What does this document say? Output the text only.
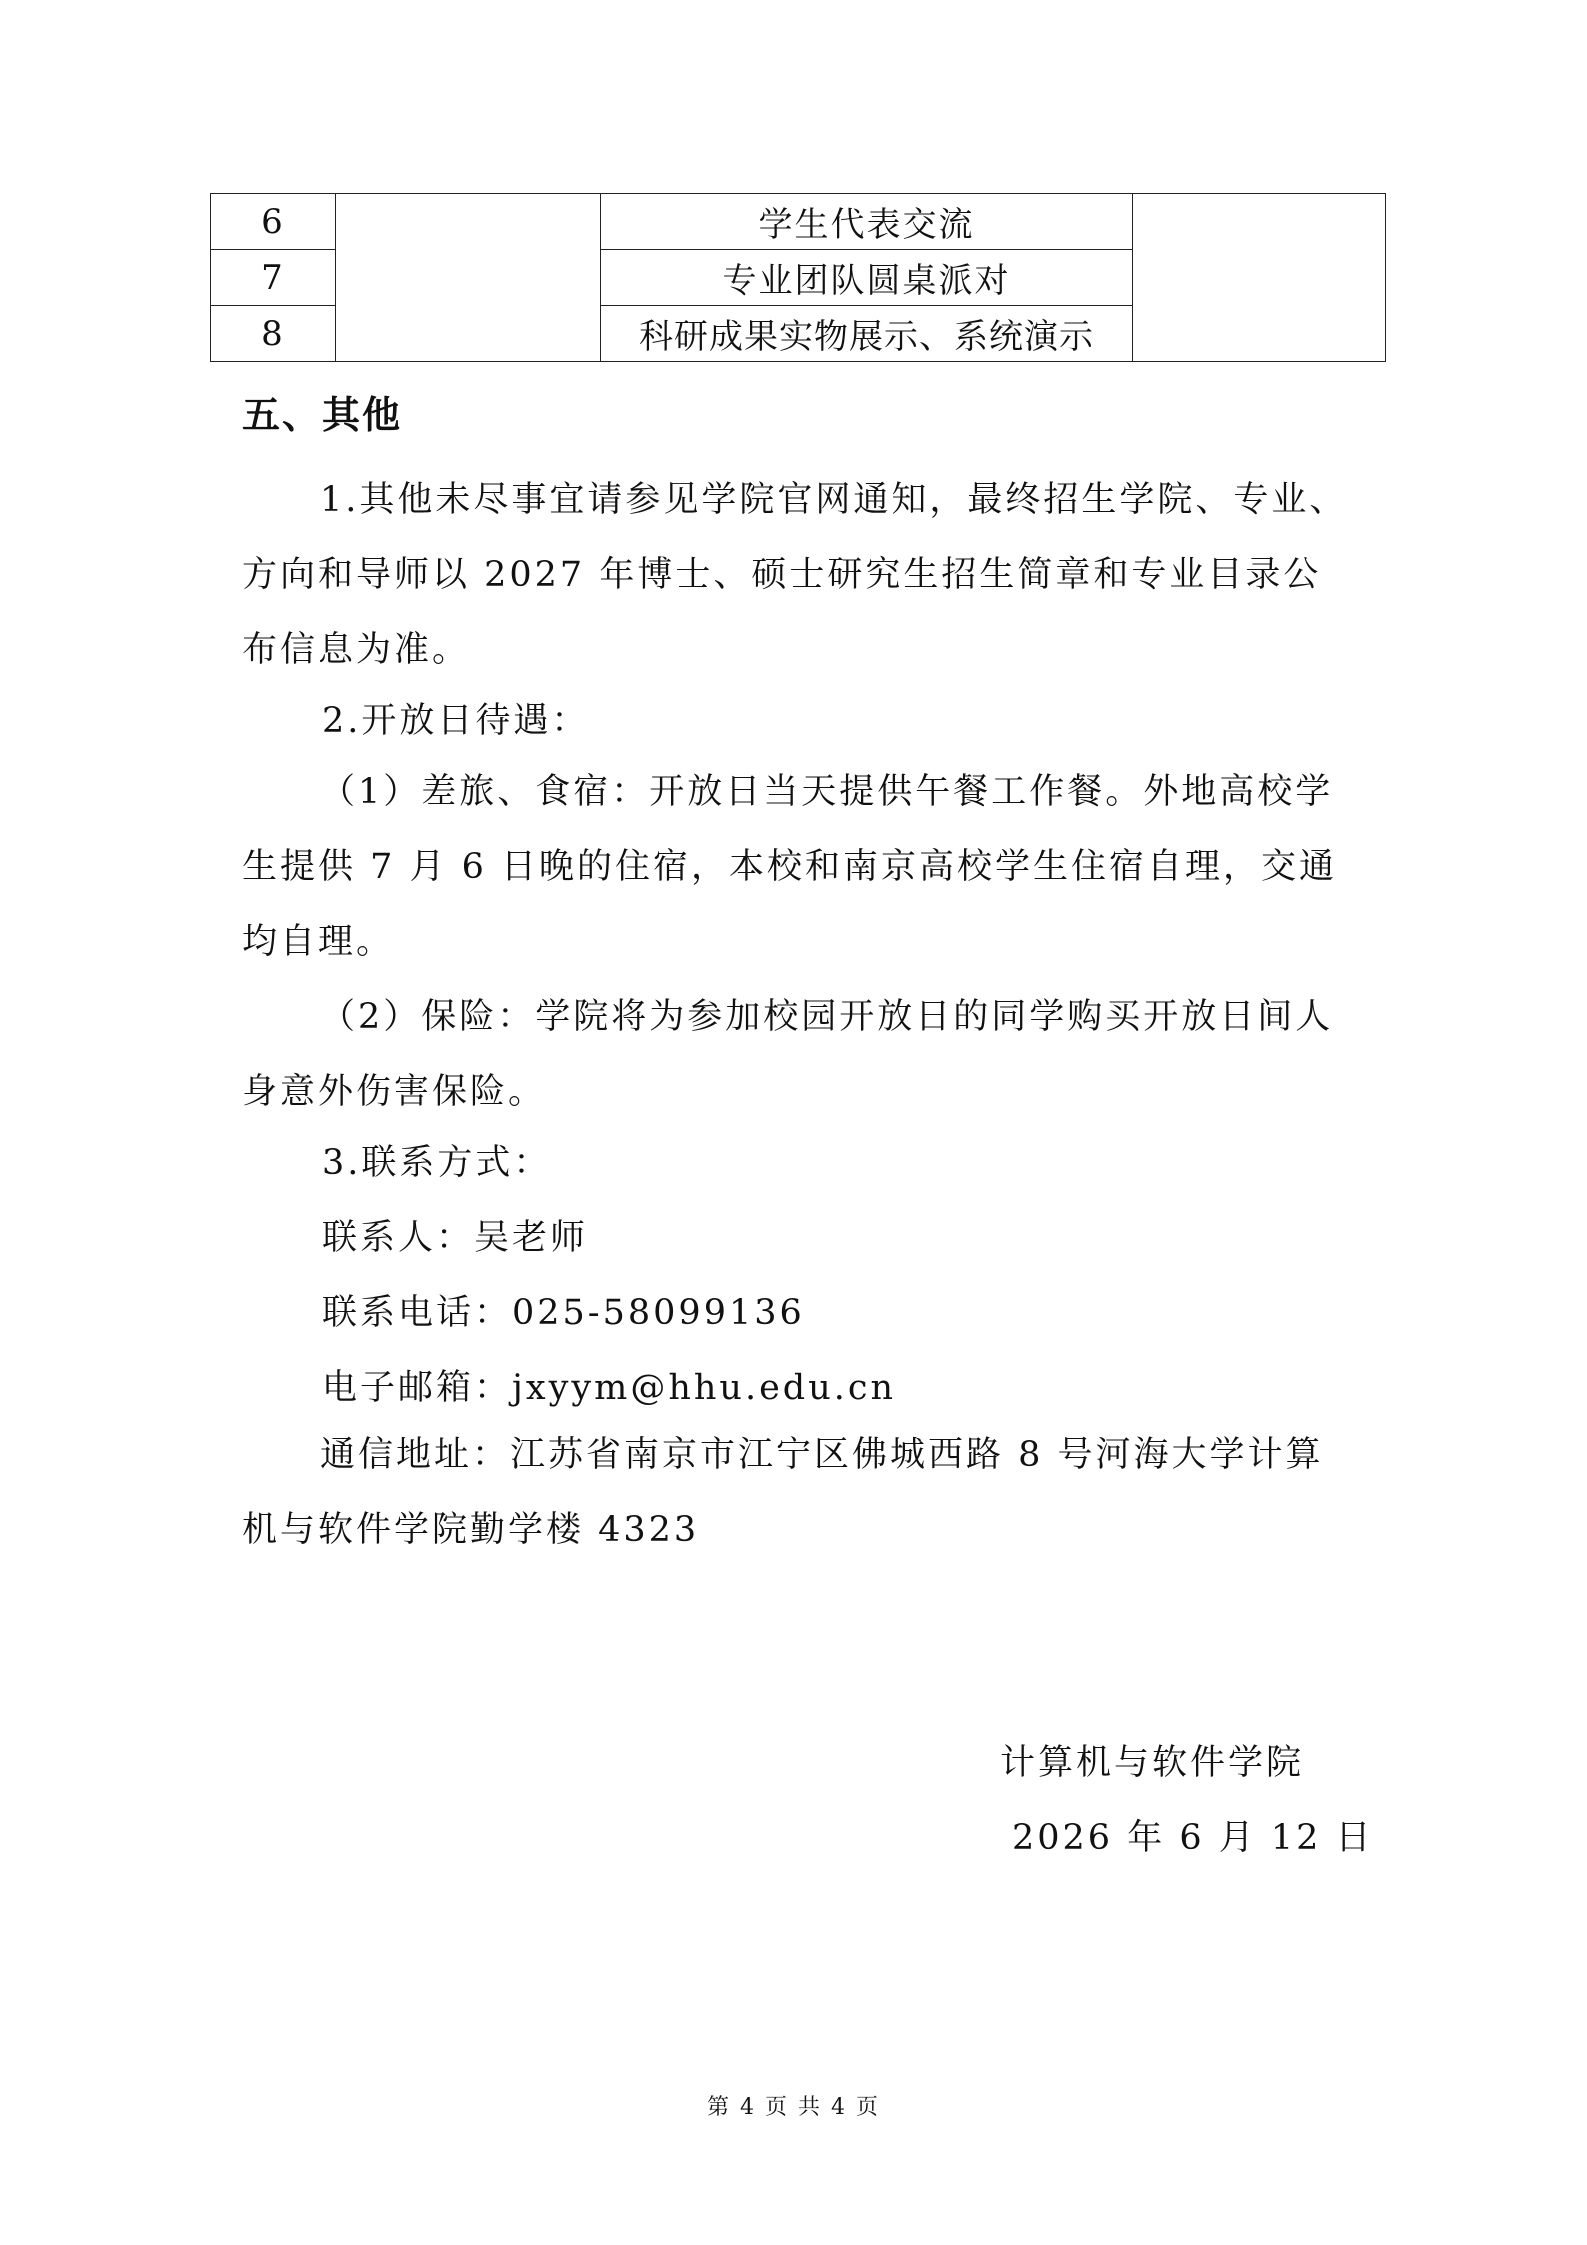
6		学生代表交流	
7		专业团队圆桌派对	
8		科研成果实物展示、系统演示	
五、其他

1.其他未尽事宜请参见学院官网通知，最终招生学院、专业、方向和导师以 2027 年博士、硕士研究生招生简章和专业目录公布信息为准。

2.开放日待遇：

（1）差旅、食宿：开放日当天提供午餐工作餐。外地高校学生提供 7 月 6 日晚的住宿，本校和南京高校学生住宿自理，交通均自理。

（2）保险：学院将为参加校园开放日的同学购买开放日间人身意外伤害保险。

3.联系方式：
联系人：吴老师
联系电话：025-58099136
电子邮箱：jxyym@hhu.edu.cn

通信地址：江苏省南京市江宁区佛城西路 8 号河海大学计算机与软件学院勤学楼 4323

计算机与软件学院
2026 年 6 月 12 日
第 4 页 共 4 页
